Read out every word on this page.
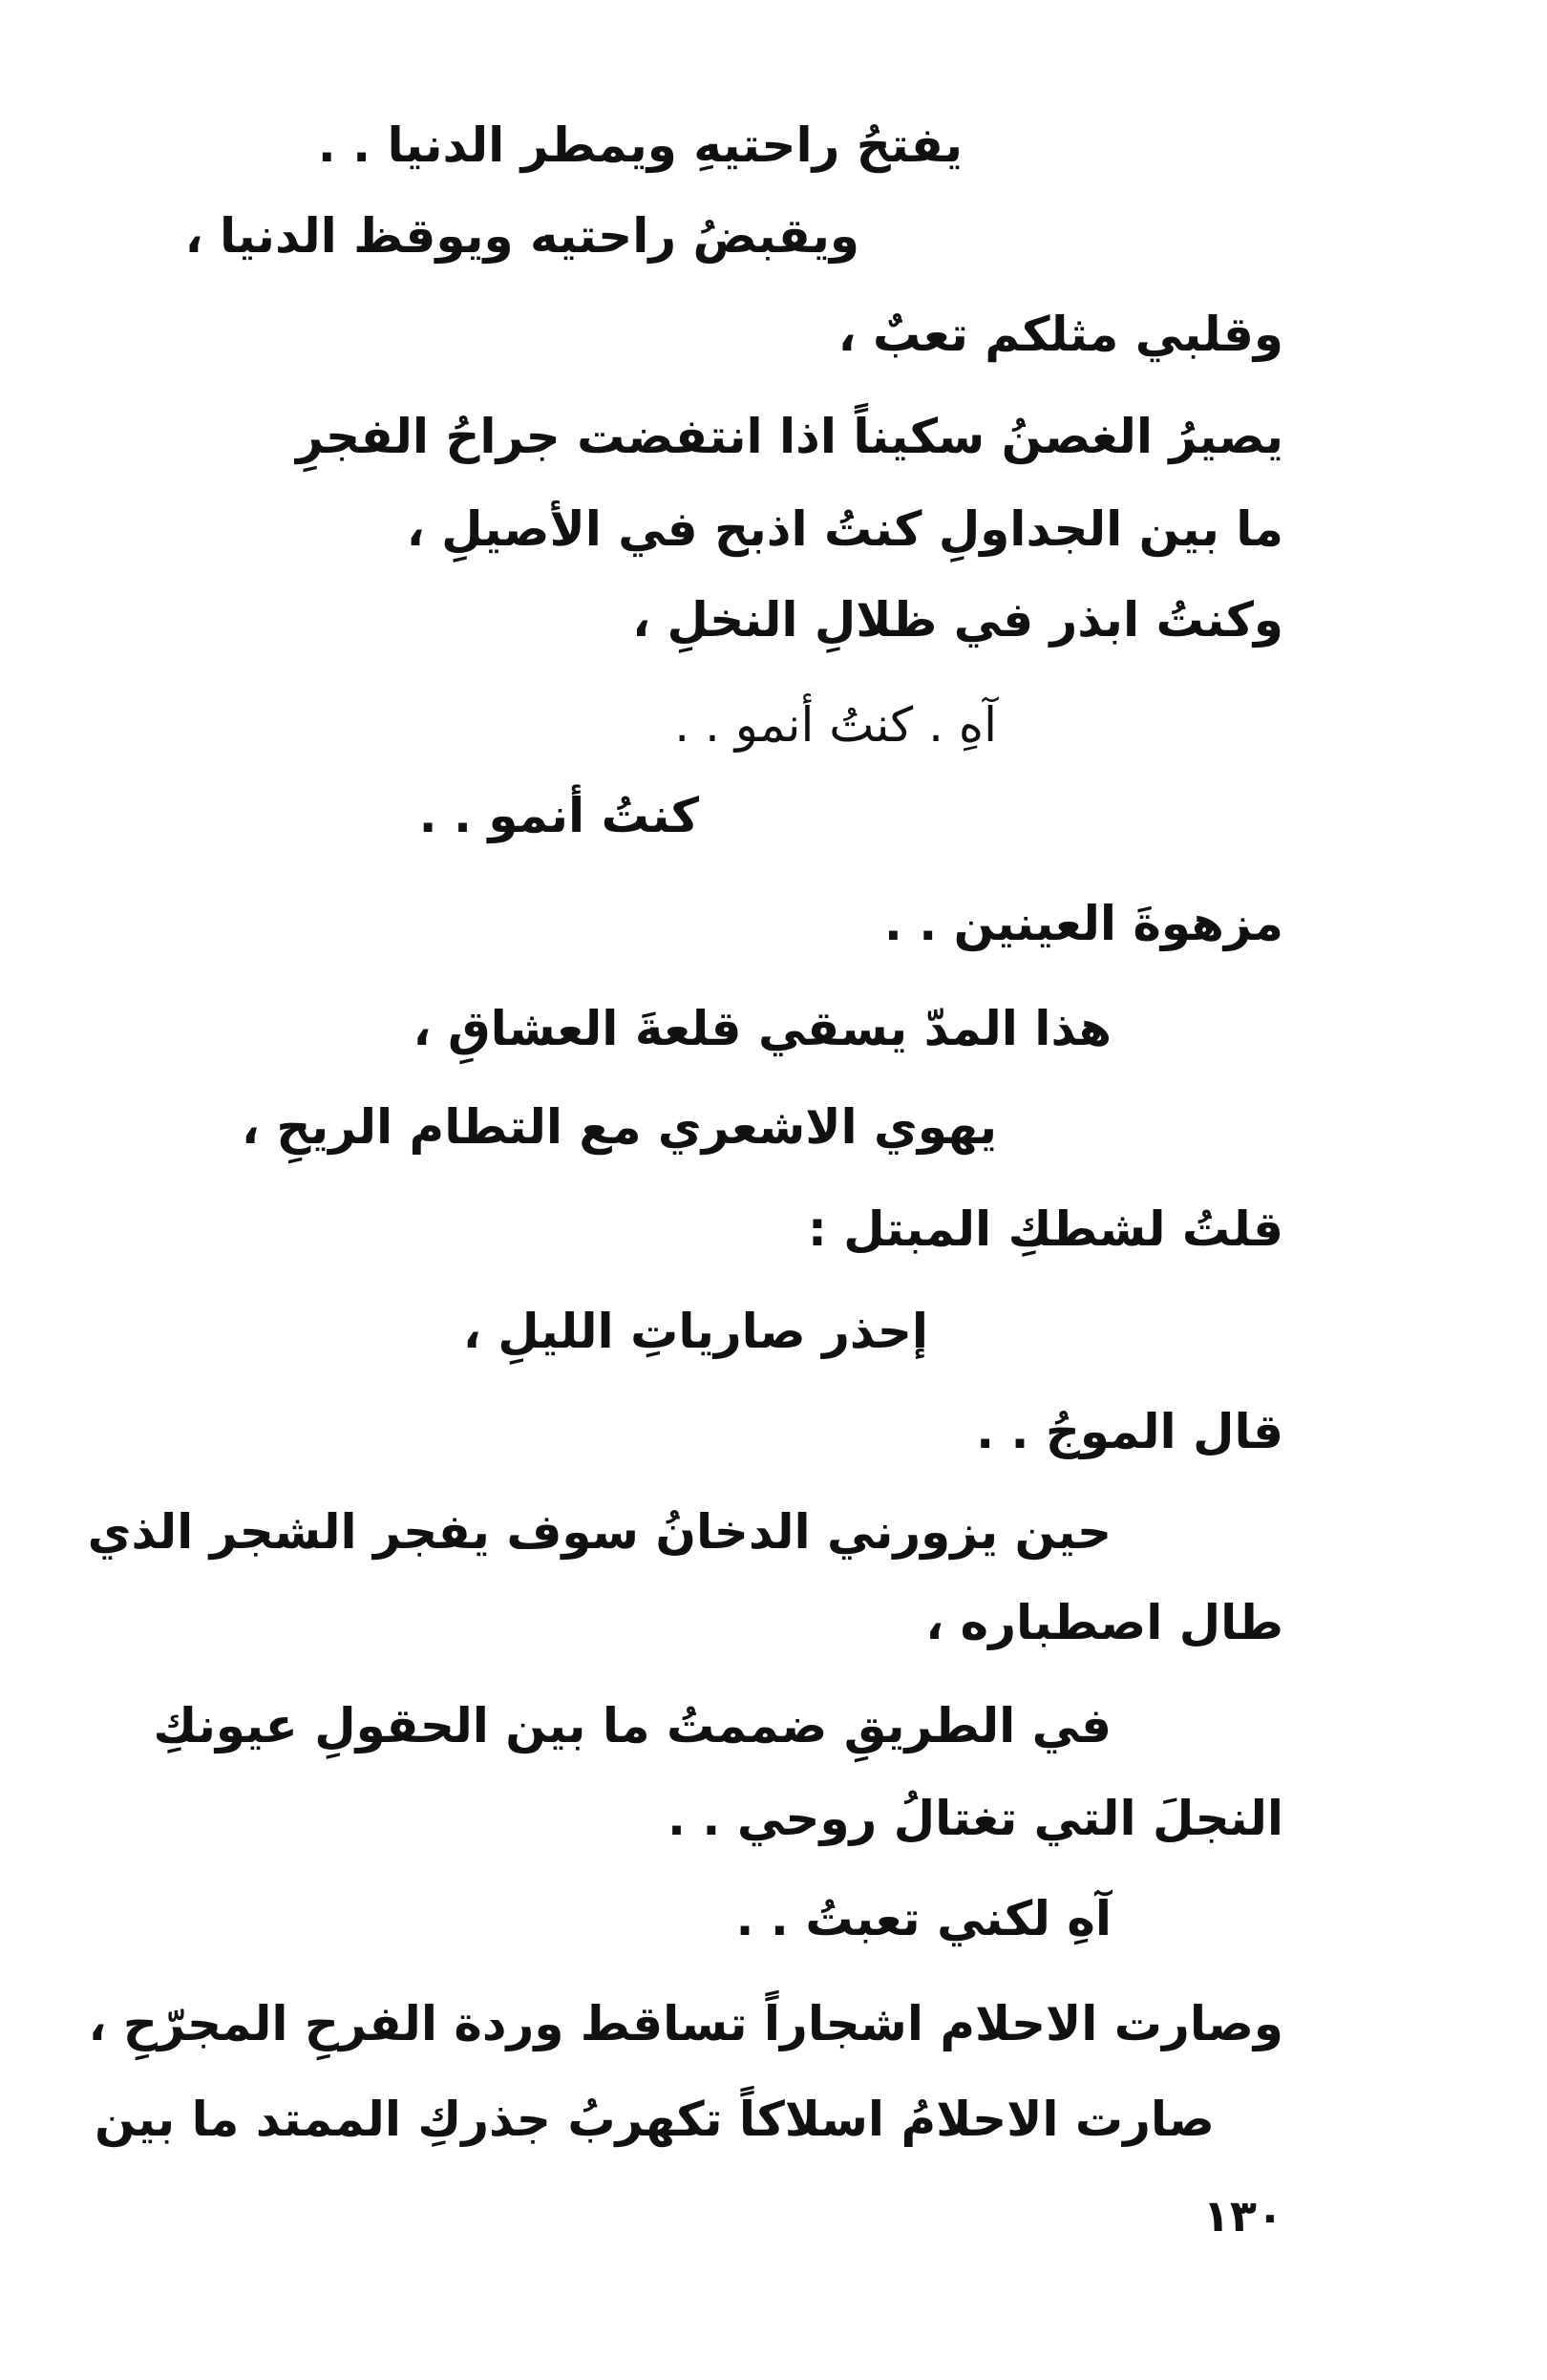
يفتحُ راحتيهِ ويمطر الدنيا . .
ويقبضُ راحتيه ويوقظ الدنيا ،
وقلبي مثلكم تعبٌ ،
يصيرُ الغصنُ سكيناً اذا انتفضت جراحُ الفجرِ
ما بين الجداولِ كنتُ اذبح في الأصيلِ ،
وكنتُ ابذر في ظلالِ النخلِ ،
آهِ . كنتُ أنمو . .
كنتُ أنمو . .
مزهوةَ العينين . .
هذا المدّ يسقي قلعةَ العشاقِ ،
يهوي الاشعري مع التطام الريحِ ،
قلتُ لشطكِ المبتل :
إحذر صارياتِ الليلِ ،
قال الموجُ . .
حين يزورني الدخانُ سوف يفجر الشجر الذي
طال اصطباره ،
في الطريقِ ضممتُ ما بين الحقولِ عيونكِ
النجلَ التي تغتالُ روحي . .
آهِ لكني تعبتُ . .
وصارت الاحلام اشجاراً تساقط وردة الفرحِ المجرّحِ ،
صارت الاحلامُ اسلاكاً تكهربُ جذركِ الممتد ما بين
١٣٠
